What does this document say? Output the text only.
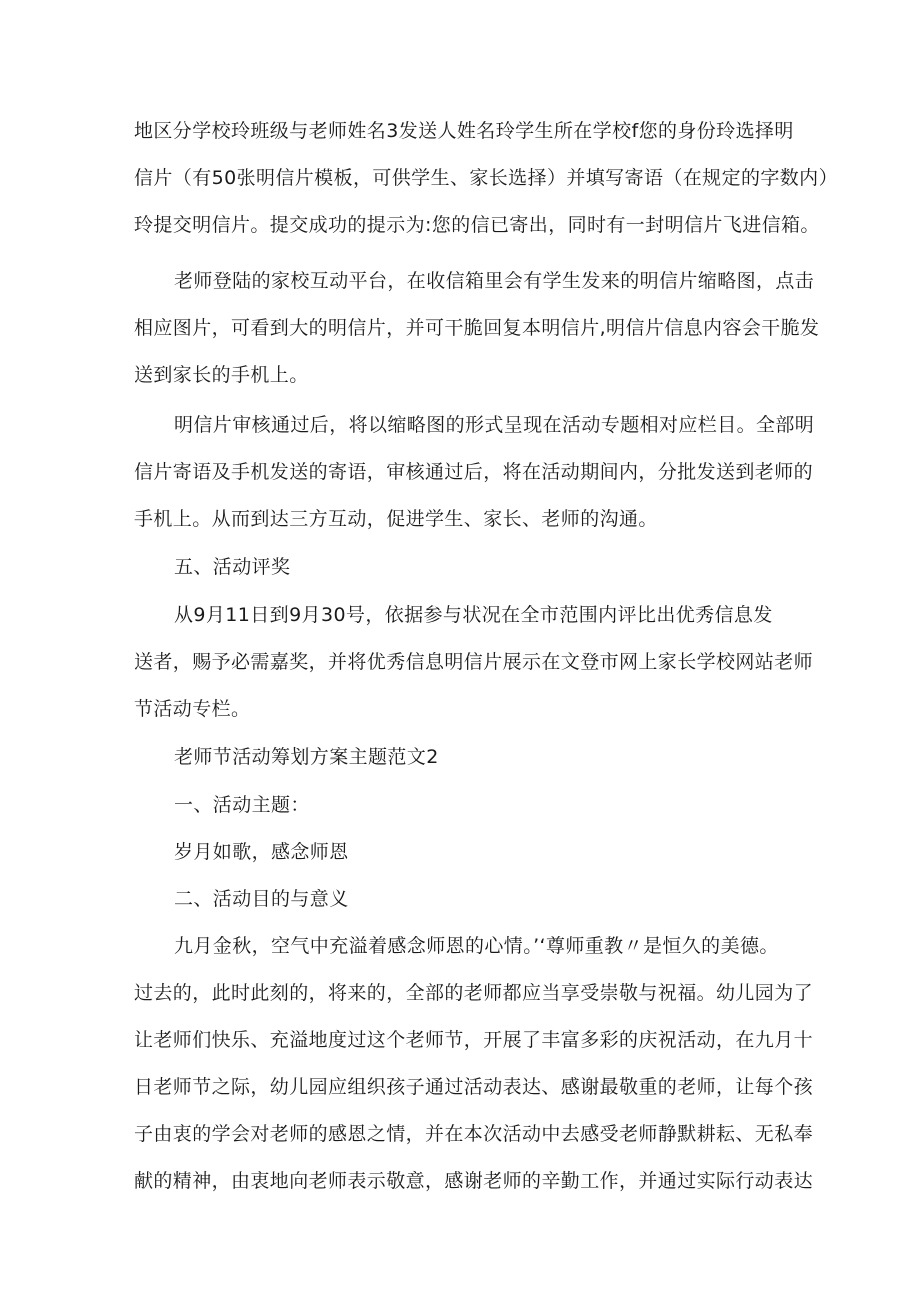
地区分学校玲班级与老师姓名3发送人姓名玲学生所在学校f您的身份玲选择明
信片（有50张明信片模板，可供学生、家长选择）并填写寄语（在规定的字数内）
玲提交明信片。提交成功的提示为:您的信已寄出，同时有一封明信片飞进信箱。
老师登陆的家校互动平台，在收信箱里会有学生发来的明信片缩略图，点击
相应图片，可看到大的明信片，并可干脆回复本明信片,明信片信息内容会干脆发
送到家长的手机上。
明信片审核通过后，将以缩略图的形式呈现在活动专题相对应栏目。全部明
信片寄语及手机发送的寄语，审核通过后，将在活动期间内，分批发送到老师的
手机上。从而到达三方互动，促进学生、家长、老师的沟通。
五、活动评奖
从9月11日到9月30号，依据参与状况在全市范围内评比出优秀信息发
送者，赐予必需嘉奖，并将优秀信息明信片展示在文登市网上家长学校网站老师
节活动专栏。
老师节活动筹划方案主题范文2
一、活动主题：
岁月如歌，感念师恩
二、活动目的与意义
九月金秋，空气中充溢着感念师恩的心情。’‘尊师重教〃是恒久的美德。
过去的，此时此刻的，将来的，全部的老师都应当享受崇敬与祝福。幼儿园为了
让老师们快乐、充溢地度过这个老师节，开展了丰富多彩的庆祝活动，在九月十
日老师节之际，幼儿园应组织孩子通过活动表达、感谢最敬重的老师，让每个孩
子由衷的学会对老师的感恩之情，并在本次活动中去感受老师静默耕耘、无私奉
献的精神，由衷地向老师表示敬意，感谢老师的辛勤工作，并通过实际行动表达
